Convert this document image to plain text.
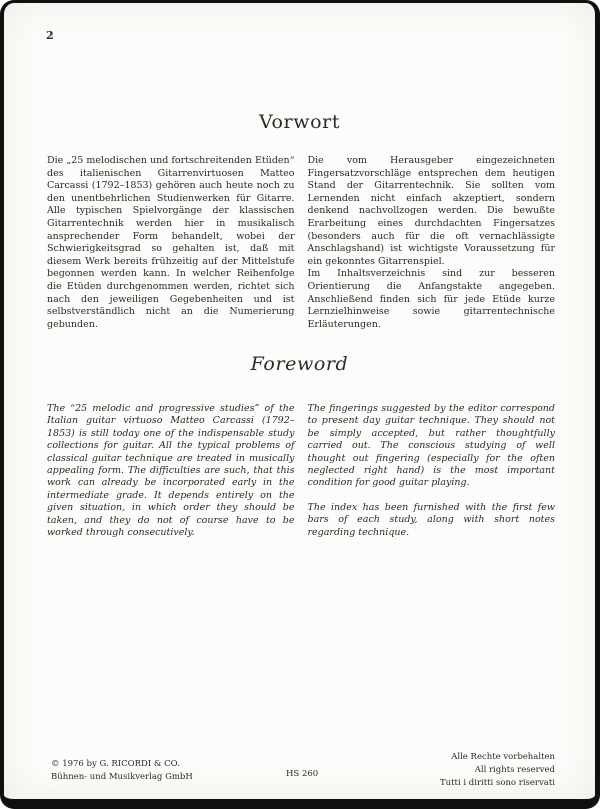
2
Vorwort

Die „25 melodischen und fortschreitenden Etüden“ des italienischen Gitarrenvirtuosen Matteo Carcassi (1792–1853) gehören auch heute noch zu den unentbehrlichen Studienwerken für Gitarre. Alle typischen Spielvorgänge der klassischen Gitarrentechnik werden hier in musikalisch ansprechender Form behandelt, wobei der Schwierigkeitsgrad so gehalten ist, daß mit diesem Werk bereits frühzeitig auf der Mittelstufe begonnen werden kann. In welcher Reihenfolge die Etüden durchgenommen werden, richtet sich nach den jeweiligen Gegebenheiten und ist selbstverständlich nicht an die Numerierung gebunden.

Die vom Herausgeber eingezeichneten Fingersatzvorschläge entsprechen dem heutigen Stand der Gitarrentechnik. Sie sollten vom Lernenden nicht einfach akzeptiert, sondern denkend nachvollzogen werden. Die bewußte Erarbeitung eines durchdachten Fingersatzes (besonders auch für die oft vernachlässigte Anschlagshand) ist wichtigste Voraussetzung für ein gekonntes Gitarrenspiel.

Im Inhaltsverzeichnis sind zur besseren Orientierung die Anfangstakte angegeben. Anschließend finden sich für jede Etüde kurze Lernzielhinweise sowie gitarrentechnische Erläuterungen.

Foreword

The “25 melodic and progressive studies” of the Italian guitar virtuoso Matteo Carcassi (1792–1853) is still today one of the indispensable study collections for guitar. All the typical problems of classical guitar technique are treated in musically appealing form. The difficulties are such, that this work can already be incorporated early in the intermediate grade. It depends entirely on the given situation, in which order they should be taken, and they do not of course have to be worked through consecutively.

The fingerings suggested by the editor correspond to present day guitar technique. They should not be simply accepted, but rather thoughtfully carried out. The conscious studying of well thought out fingering (especially for the often neglected right hand) is the most important condition for good guitar playing.

The index has been furnished with the first few bars of each study, along with short notes regarding technique.

© 1976 by G. RICORDI & CO.
Bühnen- und Musikverlag GmbH	HS 260
Alle Rechte vorbehalten
All rights reserved
Tutti i diritti sono riservati
